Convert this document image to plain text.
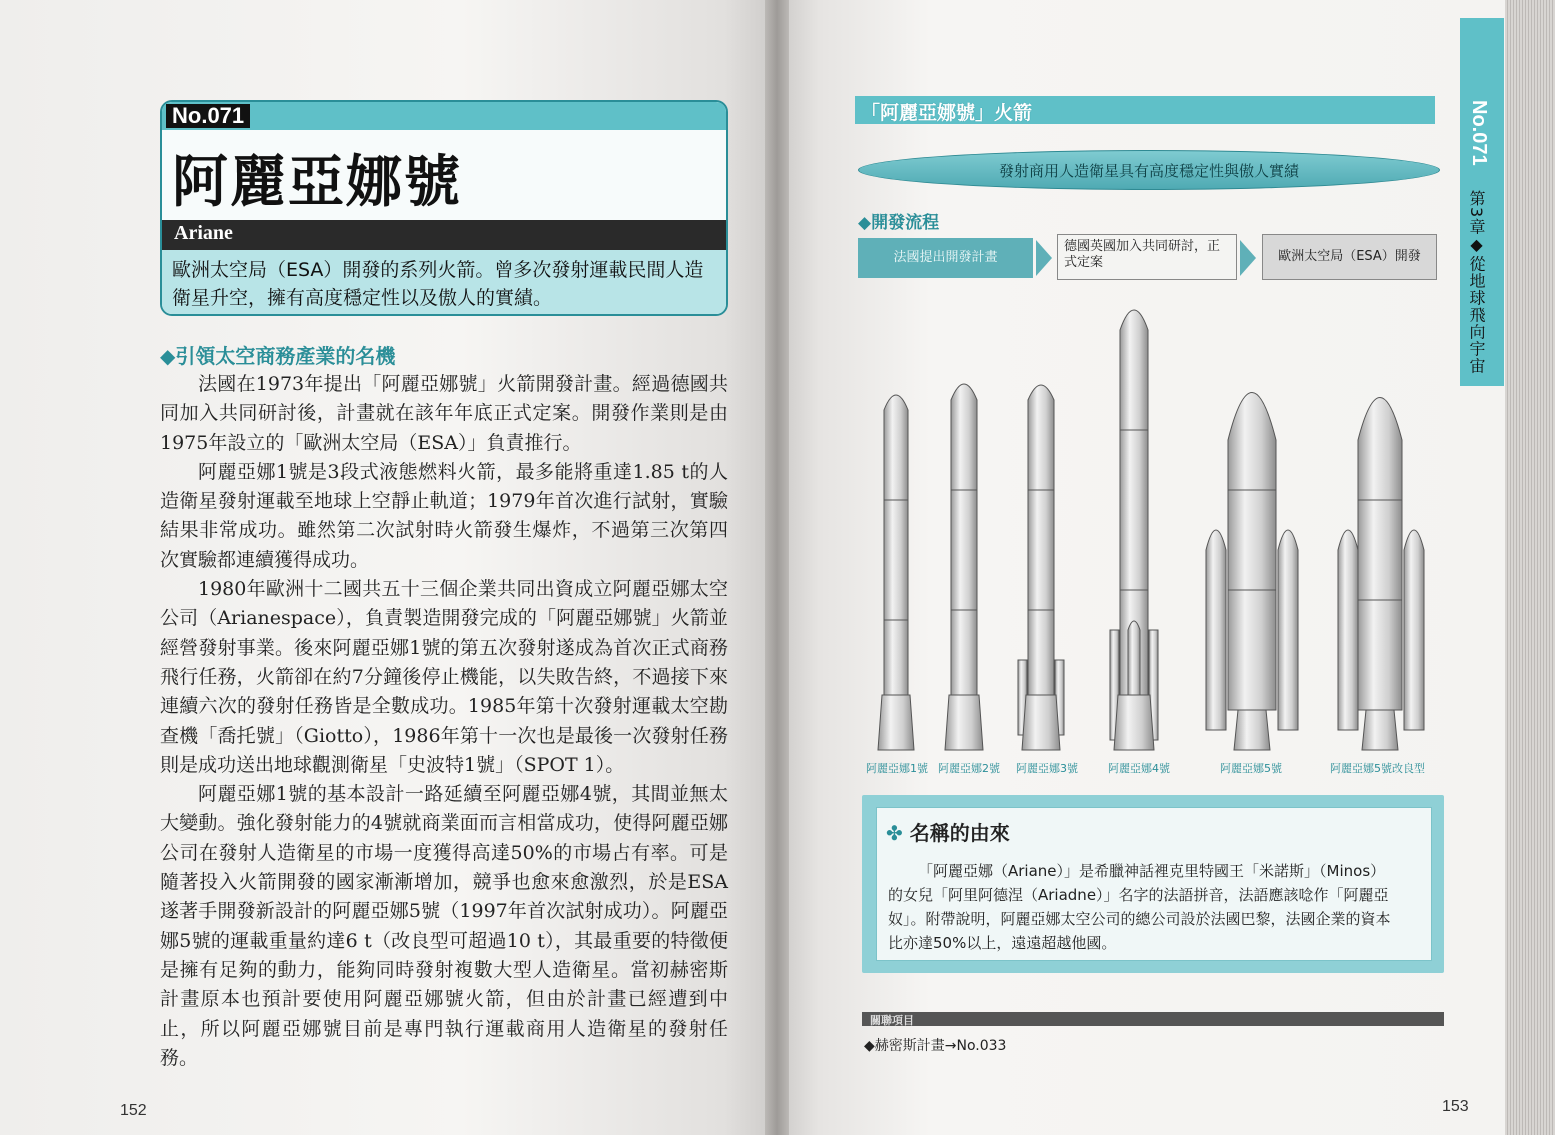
No.071
阿麗亞娜號
Ariane

歐洲太空局（ESA）開發的系列火箭。曾多次發射運載民間人造衛星升空，擁有高度穩定性以及傲人的實績。

◆引領太空商務產業的名機

法國在1973年提出「阿麗亞娜號」火箭開發計畫。經過德國共同加入共同研討後，計畫就在該年年底正式定案。開發作業則是由1975年設立的「歐洲太空局（ESA）」負責推行。

阿麗亞娜1號是3段式液態燃料火箭，最多能將重達1.85 t的人造衛星發射運載至地球上空靜止軌道；1979年首次進行試射，實驗結果非常成功。雖然第二次試射時火箭發生爆炸，不過第三次第四次實驗都連續獲得成功。

1980年歐洲十二國共五十三個企業共同出資成立阿麗亞娜太空公司（Arianespace），負責製造開發完成的「阿麗亞娜號」火箭並經營發射事業。後來阿麗亞娜1號的第五次發射遂成為首次正式商務飛行任務，火箭卻在約7分鐘後停止機能，以失敗告終，不過接下來連續六次的發射任務皆是全數成功。1985年第十次發射運載太空勘查機「喬托號」（Giotto），1986年第十一次也是最後一次發射任務則是成功送出地球觀測衛星「史波特1號」（SPOT 1）。

阿麗亞娜1號的基本設計一路延續至阿麗亞娜4號，其間並無太大變動。強化發射能力的4號就商業面而言相當成功，使得阿麗亞娜公司在發射人造衛星的市場一度獲得高達50%的市場占有率。可是隨著投入火箭開發的國家漸漸增加，競爭也愈來愈激烈，於是ESA遂著手開發新設計的阿麗亞娜5號（1997年首次試射成功）。阿麗亞娜5號的運載重量約達6 t（改良型可超過10 t），其最重要的特徵便是擁有足夠的動力，能夠同時發射複數大型人造衛星。當初赫密斯計畫原本也預計要使用阿麗亞娜號火箭，但由於計畫已經遭到中止，所以阿麗亞娜號目前是專門執行運載商用人造衛星的發射任務。

152
「阿麗亞娜號」火箭
發射商用人造衛星具有高度穩定性與傲人實績
◆開發流程
法國提出開發計畫
德國英國加入共同研討，正式定案	歐洲太空局（ESA）開發
阿麗亞娜1號 阿麗亞娜2號 阿麗亞娜3號	阿麗亞娜4號	阿麗亞娜5號	阿麗亞娜5號改良型
✤ 名稱的由來

「阿麗亞娜（Ariane）」是希臘神話裡克里特國王「米諾斯」（Minos）的女兒「阿里阿德涅（Ariadne）」名字的法語拼音，法語應該唸作「阿麗亞奴」。附帶說明，阿麗亞娜太空公司的總公司設於法國巴黎，法國企業的資本比亦達50%以上，遠遠超越他國。

關聯項目
◆赫密斯計畫→No.033
No.071
第3章◆從地球飛向宇宙
153
